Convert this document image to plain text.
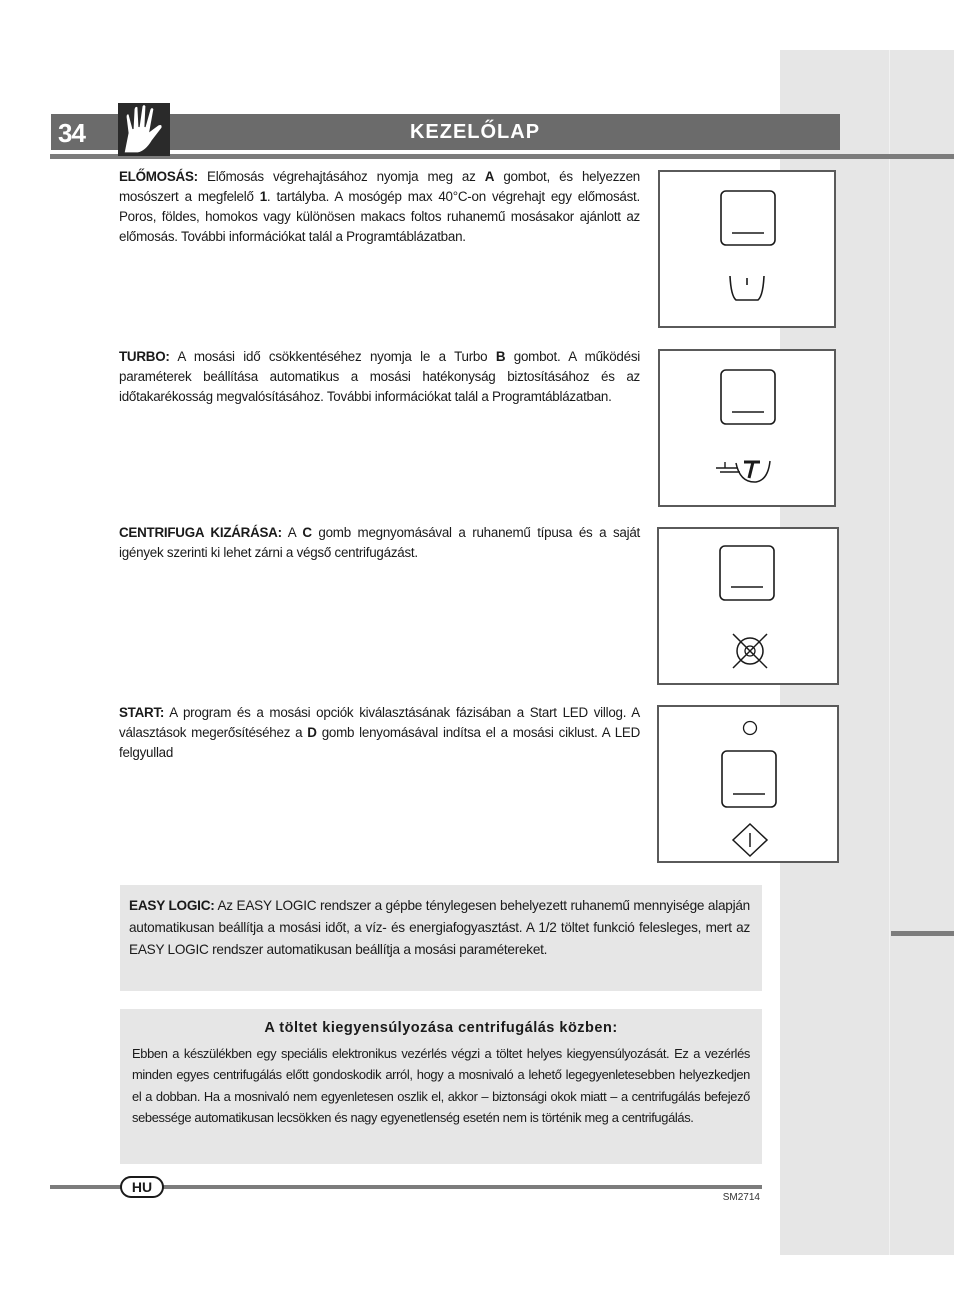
34	KEZELŐLAP

ELŐMOSÁS: Előmosás végrehajtásához nyomja meg az A gombot, és helyezzen mosószert a megfelelő 1. tartályba. A mosógép max 40°C-on végrehajt egy előmosást. Poros, földes, homokos vagy különösen makacs foltos ruhanemű mosásakor ajánlott az előmosás. További információkat talál a Programtáblázatban.

TURBO: A mosási idő csökkentéséhez nyomja le a Turbo B gombot. A működési paraméterek beállítása automatikus a mosási hatékonyság biztosításához és az időtakarékosság megvalósításához. További információkat talál a Programtáblázatban.

CENTRIFUGA KIZÁRÁSA: A C gomb megnyomásával a ruhanemű típusa és a saját igények szerinti ki lehet zárni a végső centrifugázást.

START: A program és a mosási opciók kiválasztásának fázisában a Start LED villog. A választások megerősítéséhez a D gomb lenyomásával indítsa el a mosási ciklust. A LED felgyullad

EASY LOGIC: Az EASY LOGIC rendszer a gépbe ténylegesen behelyezett ruhanemű mennyisége alapján automatikusan beállítja a mosási időt, a víz- és energiafogyasztást. A 1/2 töltet funkció felesleges, mert az EASY LOGIC rendszer automatikusan beállítja a mosási paramétereket.

A töltet kiegyensúlyozása centrifugálás közben:

Ebben a készülékben egy speciális elektronikus vezérlés végzi a töltet helyes kiegyensúlyozását. Ez a vezérlés minden egyes centrifugálás előtt gondoskodik arról, hogy a mosnivaló a lehető legegyenletesebben helyezkedjen el a dobban. Ha a mosnivaló nem egyenletesen oszlik el, akkor – biztonsági okok miatt – a centrifugálás befejező sebessége automatikusan lecsökken és nagy egyenetlenség esetén nem is történik meg a centrifugálás.

HU
SM2714
